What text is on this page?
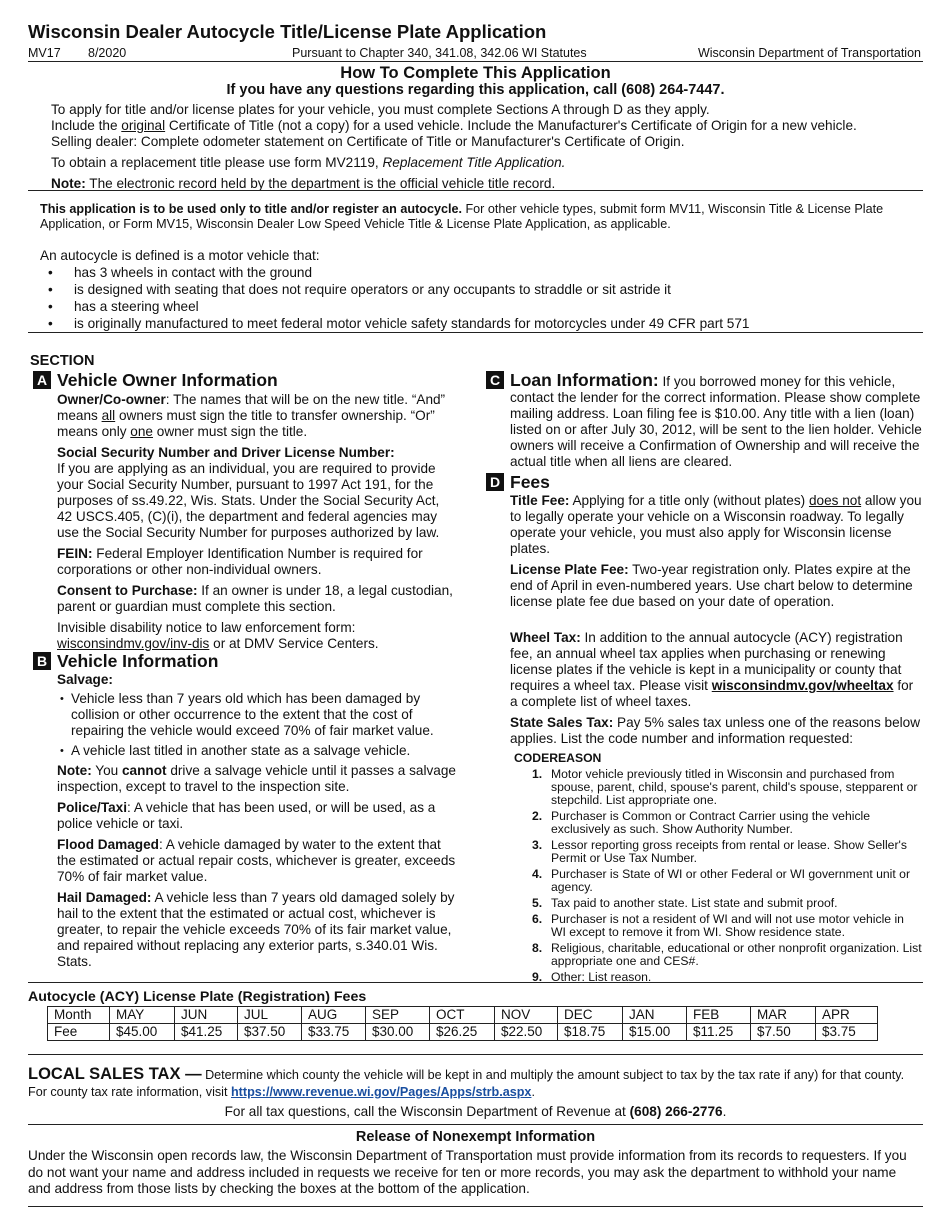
Wisconsin Dealer Autocycle Title/License Plate Application
MV17 8/2020	Pursuant to Chapter 340, 341.08, 342.06 WI Statutes	Wisconsin Department of Transportation
How To Complete This Application
If you have any questions regarding this application, call (608) 264-7447.

To apply for title and/or license plates for your vehicle, you must complete Sections A through D as they apply.

Include the original Certificate of Title (not a copy) for a used vehicle. Include the Manufacturer's Certificate of Origin for a new vehicle.

Selling dealer: Complete odometer statement on Certificate of Title or Manufacturer's Certificate of Origin.

To obtain a replacement title please use form MV2119, Replacement Title Application.

Note: The electronic record held by the department is the official vehicle title record.

This application is to be used only to title and/or register an autocycle. For other vehicle types, submit form MV11, Wisconsin Title & License Plate Application, or Form MV15, Wisconsin Dealer Low Speed Vehicle Title & License Plate Application, as applicable.

An autocycle is defined is a motor vehicle that:

• has 3 wheels in contact with the ground
• is designed with seating that does not require operators or any occupants to straddle or sit astride it
• has a steering wheel
• is originally manufactured to meet federal motor vehicle safety standards for motorcycles under 49 CFR part 571
SECTION
A Vehicle Owner Information

Owner/Co-owner: The names that will be on the new title. “And” means all owners must sign the title to transfer ownership. “Or” means only one owner must sign the title.

Social Security Number and Driver License Number:

If you are applying as an individual, you are required to provide your Social Security Number, pursuant to 1997 Act 191, for the purposes of ss.49.22, Wis. Stats. Under the Social Security Act, 42 USCS.405, (C)(i), the department and federal agencies may use the Social Security Number for purposes authorized by law.

FEIN: Federal Employer Identification Number is required for corporations or other non-individual owners.

Consent to Purchase: If an owner is under 18, a legal custodian, parent or guardian must complete this section.

Invisible disability notice to law enforcement form:

wisconsindmv.gov/inv-dis or at DMV Service Centers.

B Vehicle Information

Salvage:

• Vehicle less than 7 years old which has been damaged by collision or other occurrence to the extent that the cost of repairing the vehicle would exceed 70% of fair market value.
• A vehicle last titled in another state as a salvage vehicle.

Note: You cannot drive a salvage vehicle until it passes a salvage inspection, except to travel to the inspection site.

Police/Taxi: A vehicle that has been used, or will be used, as a police vehicle or taxi.

Flood Damaged: A vehicle damaged by water to the extent that the estimated or actual repair costs, whichever is greater, exceeds 70% of fair market value.

Hail Damaged: A vehicle less than 7 years old damaged solely by hail to the extent that the estimated or actual cost, whichever is greater, to repair the vehicle exceeds 70% of its fair market value, and repaired without replacing any exterior parts, s.340.01 Wis. Stats.

C Loan Information: If you borrowed money for this vehicle, contact the lender for the correct information. Please show complete mailing address. Loan filing fee is $10.00. Any title with a lien (loan) listed on or after July 30, 2012, will be sent to the lien holder. Vehicle owners will receive a Confirmation of Ownership and will receive the actual title when all liens are cleared.
D Fees

Title Fee: Applying for a title only (without plates) does not allow you to legally operate your vehicle on a Wisconsin roadway. To legally operate your vehicle, you must also apply for Wisconsin license plates.

License Plate Fee: Two-year registration only. Plates expire at the end of April in even-numbered years. Use chart below to determine license plate fee due based on your date of operation.

Wheel Tax: In addition to the annual autocycle (ACY) registration fee, an annual wheel tax applies when purchasing or renewing license plates if the vehicle is kept in a municipality or county that requires a wheel tax. Please visit wisconsindmv.gov/wheeltax for a complete list of wheel taxes.

State Sales Tax: Pay 5% sales tax unless one of the reasons below applies. List the code number and information requested:

CODEREASON
1. Motor vehicle previously titled in Wisconsin and purchased from spouse, parent, child, spouse's parent, child's spouse, stepparent or stepchild. List appropriate one.
2. Purchaser is Common or Contract Carrier using the vehicle exclusively as such. Show Authority Number.
3. Lessor reporting gross receipts from rental or lease. Show Seller's Permit or Use Tax Number.
4. Purchaser is State of WI or other Federal or WI government unit or agency.
5. Tax paid to another state. List state and submit proof.
6. Purchaser is not a resident of WI and will not use motor vehicle in WI except to remove it from WI. Show residence state.
8. Religious, charitable, educational or other nonprofit organization. List appropriate one and CES#.
9. Other: List reason.
Autocycle (ACY) License Plate (Registration) Fees
Month	MAY	JUN	JUL	AUG	SEP	OCT	NOV	DEC	JAN	FEB	MAR	APR
Fee	$45.00	$41.25	$37.50	$33.75	$30.00	$26.25	$22.50	$18.75	$15.00	$11.25	$7.50	$3.75
LOCAL SALES TAX — Determine which county the vehicle will be kept in and multiply the amount subject to tax by the tax rate if any) for that county. For county tax rate information, visit https://www.revenue.wi.gov/Pages/Apps/strb.aspx.
For all tax questions, call the Wisconsin Department of Revenue at (608) 266-2776.
Release of Nonexempt Information
Under the Wisconsin open records law, the Wisconsin Department of Transportation must provide information from its records to requesters. If you do not want your name and address included in requests we receive for ten or more records, you may ask the department to withhold your name and address from those lists by checking the boxes at the bottom of the application.
